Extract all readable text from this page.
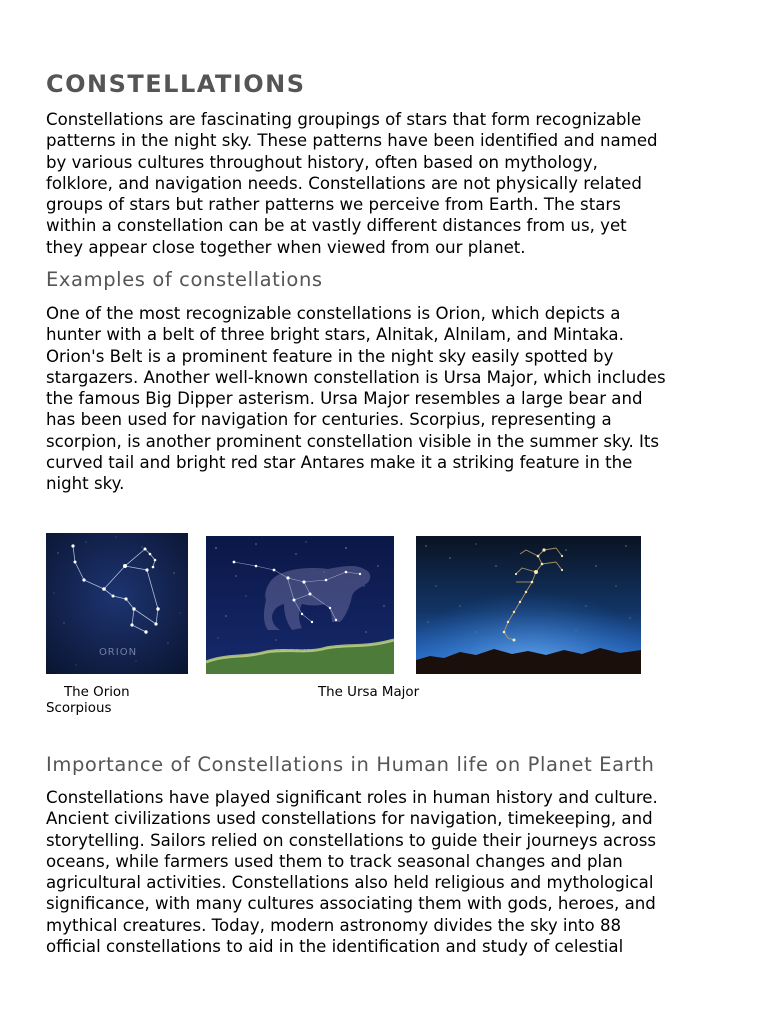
CONSTELLATIONS

Constellations are fascinating groupings of stars that form recognizable
patterns in the night sky. These patterns have been identified and named
by various cultures throughout history, often based on mythology,
folklore, and navigation needs. Constellations are not physically related
groups of stars but rather patterns we perceive from Earth. The stars
within a constellation can be at vastly different distances from us, yet
they appear close together when viewed from our planet.

Examples of constellations

One of the most recognizable constellations is Orion, which depicts a
hunter with a belt of three bright stars, Alnitak, Alnilam, and Mintaka.
Orion's Belt is a prominent feature in the night sky easily spotted by
stargazers. Another well-known constellation is Ursa Major, which includes
the famous Big Dipper asterism. Ursa Major resembles a large bear and
has been used for navigation for centuries. Scorpius, representing a
scorpion, is another prominent constellation visible in the summer sky. Its
curved tail and bright red star Antares make it a striking feature in the
night sky.

ORION

The Orion	The Ursa Major

Scorpious

Importance of Constellations in Human life on Planet Earth

Constellations have played significant roles in human history and culture.
Ancient civilizations used constellations for navigation, timekeeping, and
storytelling. Sailors relied on constellations to guide their journeys across
oceans, while farmers used them to track seasonal changes and plan
agricultural activities. Constellations also held religious and mythological
significance, with many cultures associating them with gods, heroes, and
mythical creatures. Today, modern astronomy divides the sky into 88
official constellations to aid in the identification and study of celestial
